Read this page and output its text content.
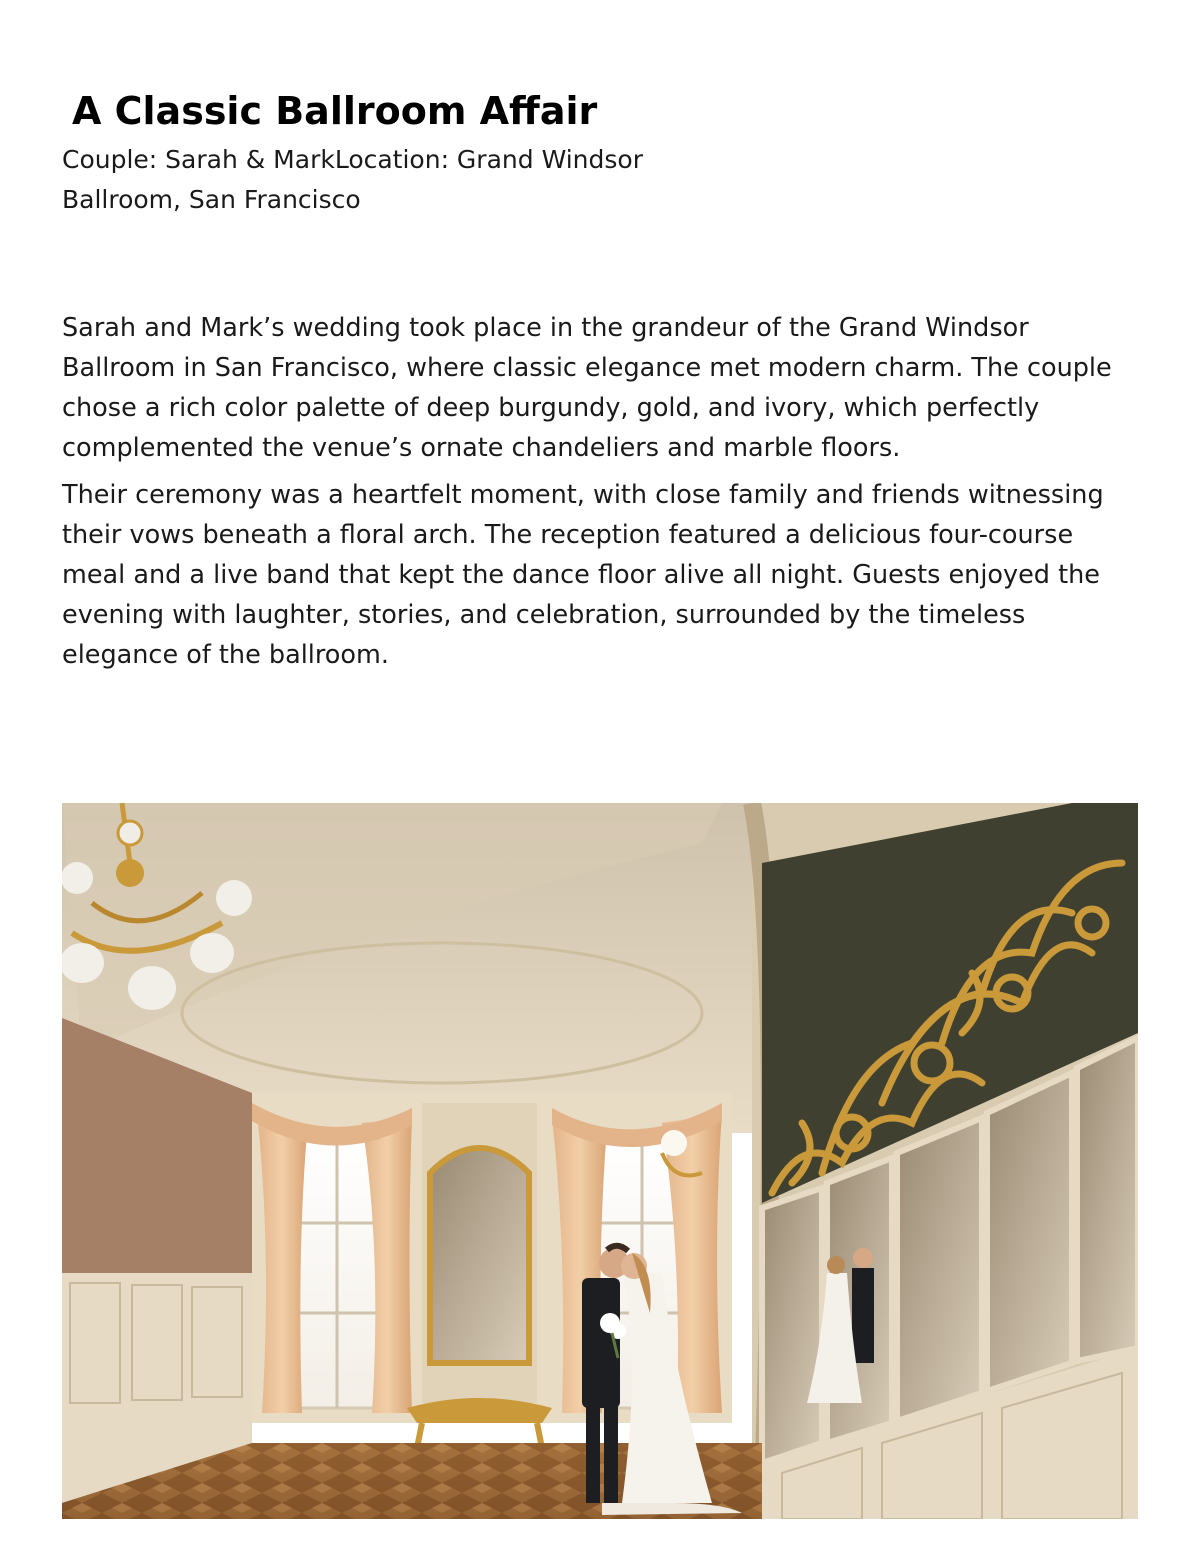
A Classic Ballroom Affair
Couple: Sarah & MarkLocation: Grand Windsor Ballroom, San Francisco

Sarah and Mark’s wedding took place in the grandeur of the Grand Windsor Ballroom in San Francisco, where classic elegance met modern charm. The couple chose a rich color palette of deep burgundy, gold, and ivory, which perfectly complemented the venue’s ornate chandeliers and marble floors.

Their ceremony was a heartfelt moment, with close family and friends witnessing their vows beneath a floral arch. The reception featured a delicious four-course meal and a live band that kept the dance floor alive all night. Guests enjoyed the evening with laughter, stories, and celebration, surrounded by the timeless elegance of the ballroom.
